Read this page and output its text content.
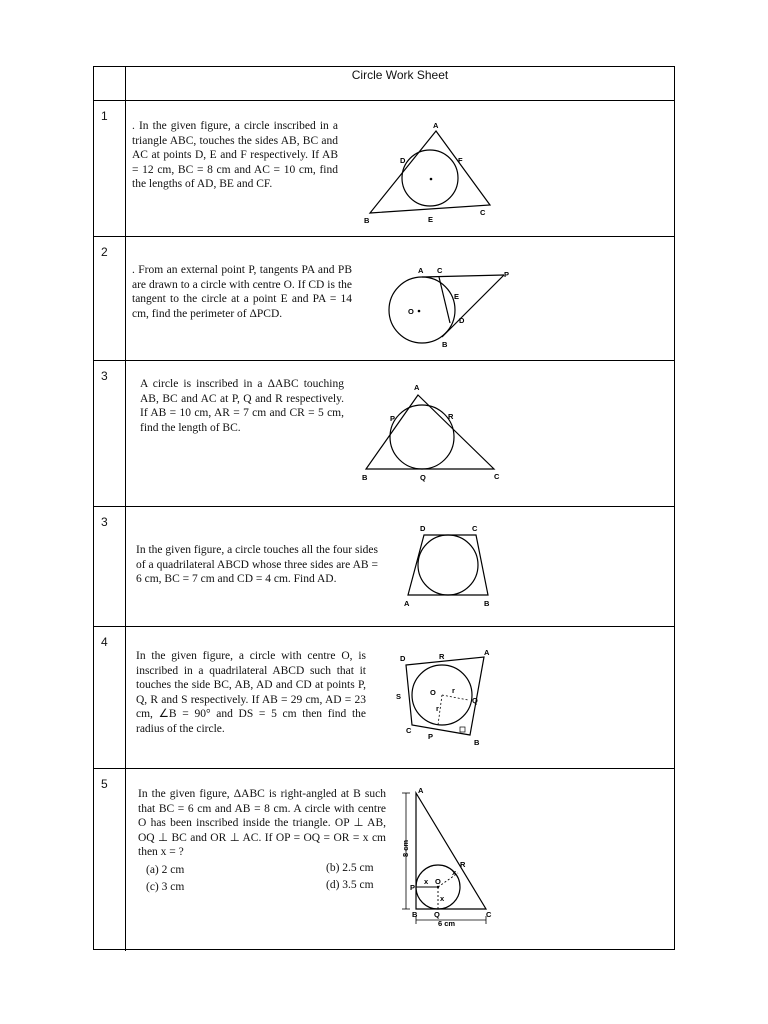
Circle Work Sheet
1

. In the given figure, a circle inscribed in a triangle ABC, touches the sides AB, BC and AC at points D, E and F respectively. If AB = 12 cm, BC = 8 cm and AC = 10 cm, find the lengths of AD, BE and CF.

A
B
C
D
E
F
2

. From an external point P, tangents PA and PB are drawn to a circle with centre O. If CD is the tangent to the circle at a point E and PA = 14 cm, find the perimeter of ΔPCD.

A C	P
E
D
B
O
3

A circle is inscribed in a ΔABC touching AB, BC and AC at P, Q and R respectively. If AB = 10 cm, AR = 7 cm and CR = 5 cm, find the length of BC.

A
B	C
P
Q
R
3

In the given figure, a circle touches all the four sides of a quadrilateral ABCD whose three sides are AB = 6 cm, BC = 7 cm and CD = 4 cm. Find AD.

D	C
A	B
4

In the given figure, a circle with centre O, is inscribed in a quadrilateral ABCD such that it touches the side BC, AB, AD and CD at points P, Q, R and S respectively. If AB = 29 cm, AD = 23 cm, ∠B = 90° and DS = 5 cm then find the radius of the circle.

D	R	A
S	O r
r
Q
C
P
B
5

In the given figure, ΔABC is right-angled at B such that BC = 6 cm and AB = 8 cm. A circle with centre O has been inscribed inside the triangle. OP ⊥ AB, OQ ⊥ BC and OR ⊥ AC. If OP = OQ = OR = x cm then x = ?

(a) 2 cm	(b) 2.5 cm
(c) 3 cm	(d) 3.5 cm
A
B	C
P
Q
R
O
x
x
x
8 cm
6 cm
